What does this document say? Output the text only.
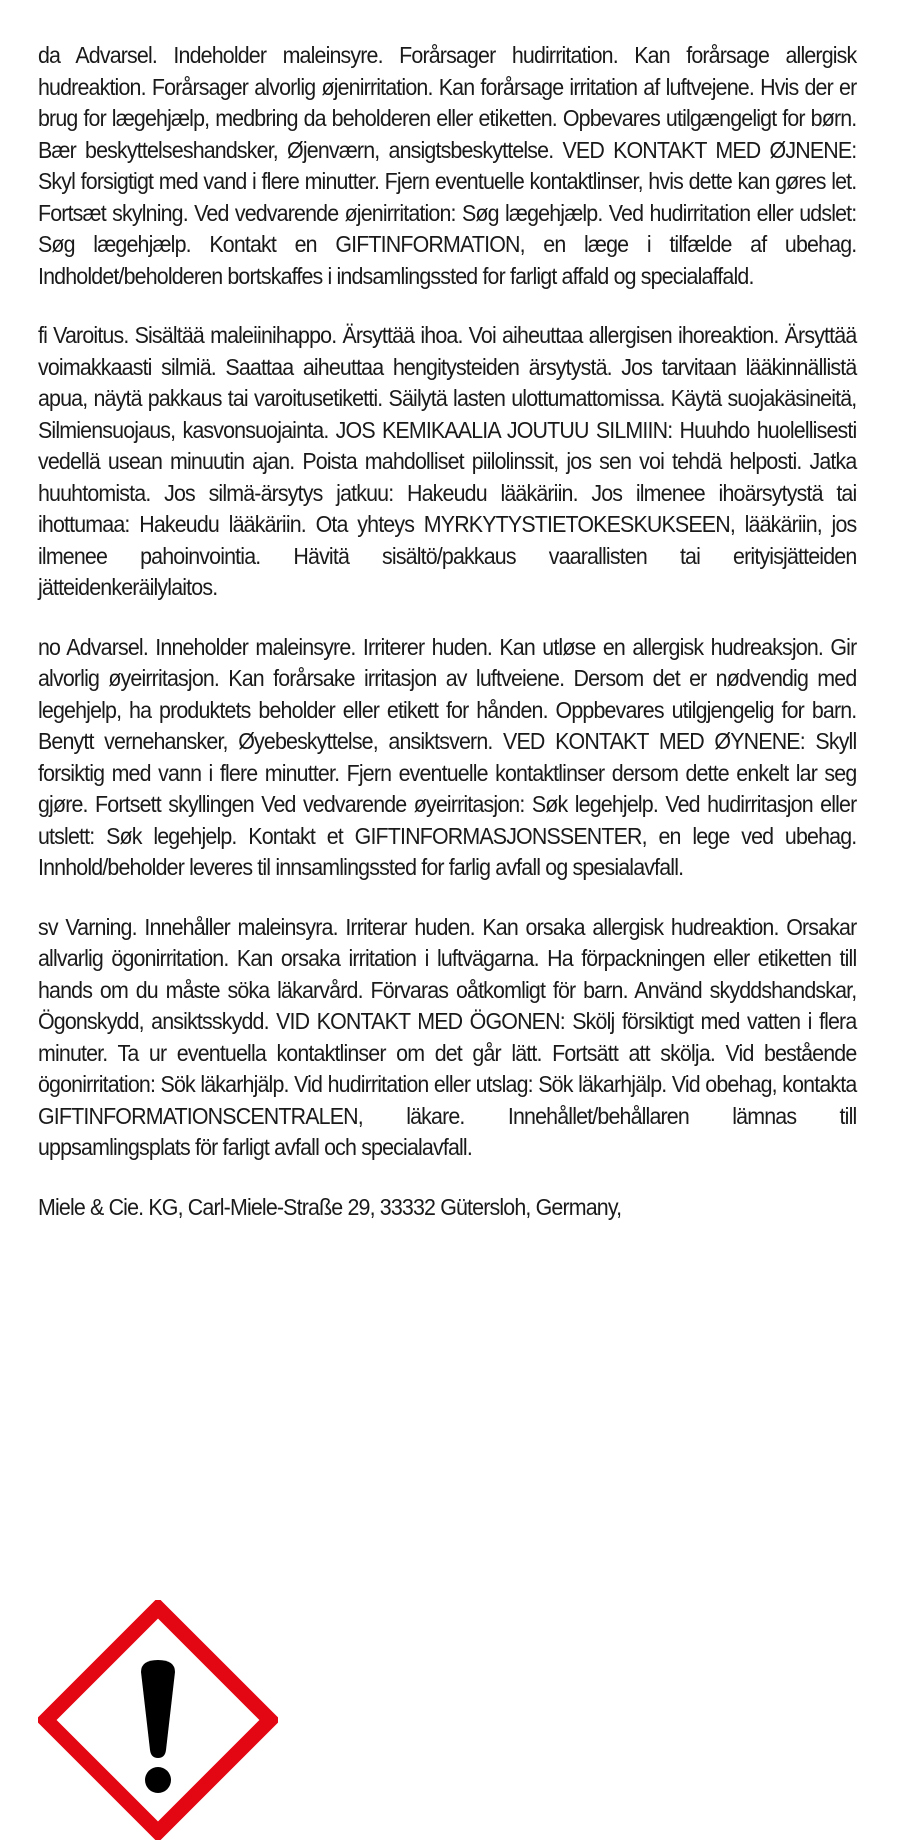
da Advarsel. Indeholder maleinsyre. Forårsager hudirritation. Kan forårsage allergisk hudreaktion. Forårsager alvorlig øjenirritation. Kan forårsage irritation af luftvejene. Hvis der er brug for lægehjælp, medbring da beholderen eller etiketten. Opbevares utilgængeligt for børn. Bær beskyttelseshandsker, Øjenværn, ansigtsbeskyttelse. VED KONTAKT MED ØJNENE: Skyl forsigtigt med vand i flere minutter. Fjern eventuelle kontaktlinser, hvis dette kan gøres let. Fortsæt skylning. Ved vedvarende øjenirritation: Søg lægehjælp. Ved hudirritation eller udslet: Søg lægehjælp. Kontakt en GIFTINFORMATION, en læge i tilfælde af ubehag. Indholdet/beholderen bortskaffes i indsamlingssted for farligt affald og specialaffald.

fi Varoitus. Sisältää maleiinihappo. Ärsyttää ihoa. Voi aiheuttaa allergisen ihoreaktion. Ärsyttää voimakkaasti silmiä. Saattaa aiheuttaa hengitysteiden ärsytystä. Jos tarvitaan lääkinnällistä apua, näytä pakkaus tai varoitusetiketti. Säilytä lasten ulottumattomissa. Käytä suojakäsineitä, Silmiensuojaus, kasvonsuojainta. JOS KEMIKAALIA JOUTUU SILMIIN: Huuhdo huolellisesti vedellä usean minuutin ajan. Poista mahdolliset piilolinssit, jos sen voi tehdä helposti. Jatka huuhtomista. Jos silmä-ärsytys jatkuu: Hakeudu lääkäriin. Jos ilmenee ihoärsytystä tai ihottumaa: Hakeudu lääkäriin. Ota yhteys MYRKYTYSTIETOKESKUKSEEN, lääkäriin, jos ilmenee pahoinvointia. Hävitä sisältö/pakkaus vaarallisten tai erityisjätteiden jätteidenkeräilylaitos.

no Advarsel. Inneholder maleinsyre. Irriterer huden. Kan utløse en allergisk hudreaksjon. Gir alvorlig øyeirritasjon. Kan forårsake irritasjon av luftveiene. Dersom det er nødvendig med legehjelp, ha produktets beholder eller etikett for hånden. Oppbevares utilgjengelig for barn. Benytt vernehansker, Øyebeskyttelse, ansiktsvern. VED KONTAKT MED ØYNENE: Skyll forsiktig med vann i flere minutter. Fjern eventuelle kontaktlinser dersom dette enkelt lar seg gjøre. Fortsett skyllingen Ved vedvarende øyeirritasjon: Søk legehjelp. Ved hudirritasjon eller utslett: Søk legehjelp. Kontakt et GIFTINFORMASJONSSENTER, en lege ved ubehag. Innhold/beholder leveres til innsamlingssted for farlig avfall og spesialavfall.

sv Varning. Innehåller maleinsyra. Irriterar huden. Kan orsaka allergisk hudreaktion. Orsakar allvarlig ögonirritation. Kan orsaka irritation i luftvägarna. Ha förpackningen eller etiketten till hands om du måste söka läkarvård. Förvaras oåtkomligt för barn. Använd skyddshandskar, Ögonskydd, ansiktsskydd. VID KONTAKT MED ÖGONEN: Skölj försiktigt med vatten i flera minuter. Ta ur eventuella kontaktlinser om det går lätt. Fortsätt att skölja. Vid bestående ögonirritation: Sök läkarhjälp. Vid hudirritation eller utslag: Sök läkarhjälp. Vid obehag, kontakta GIFTINFORMATIONSCENTRALEN, läkare. Innehållet/behållaren lämnas till uppsamlingsplats för farligt avfall och specialavfall.

Miele & Cie. KG, Carl-Miele-Straße 29, 33332 Gütersloh, Germany,
